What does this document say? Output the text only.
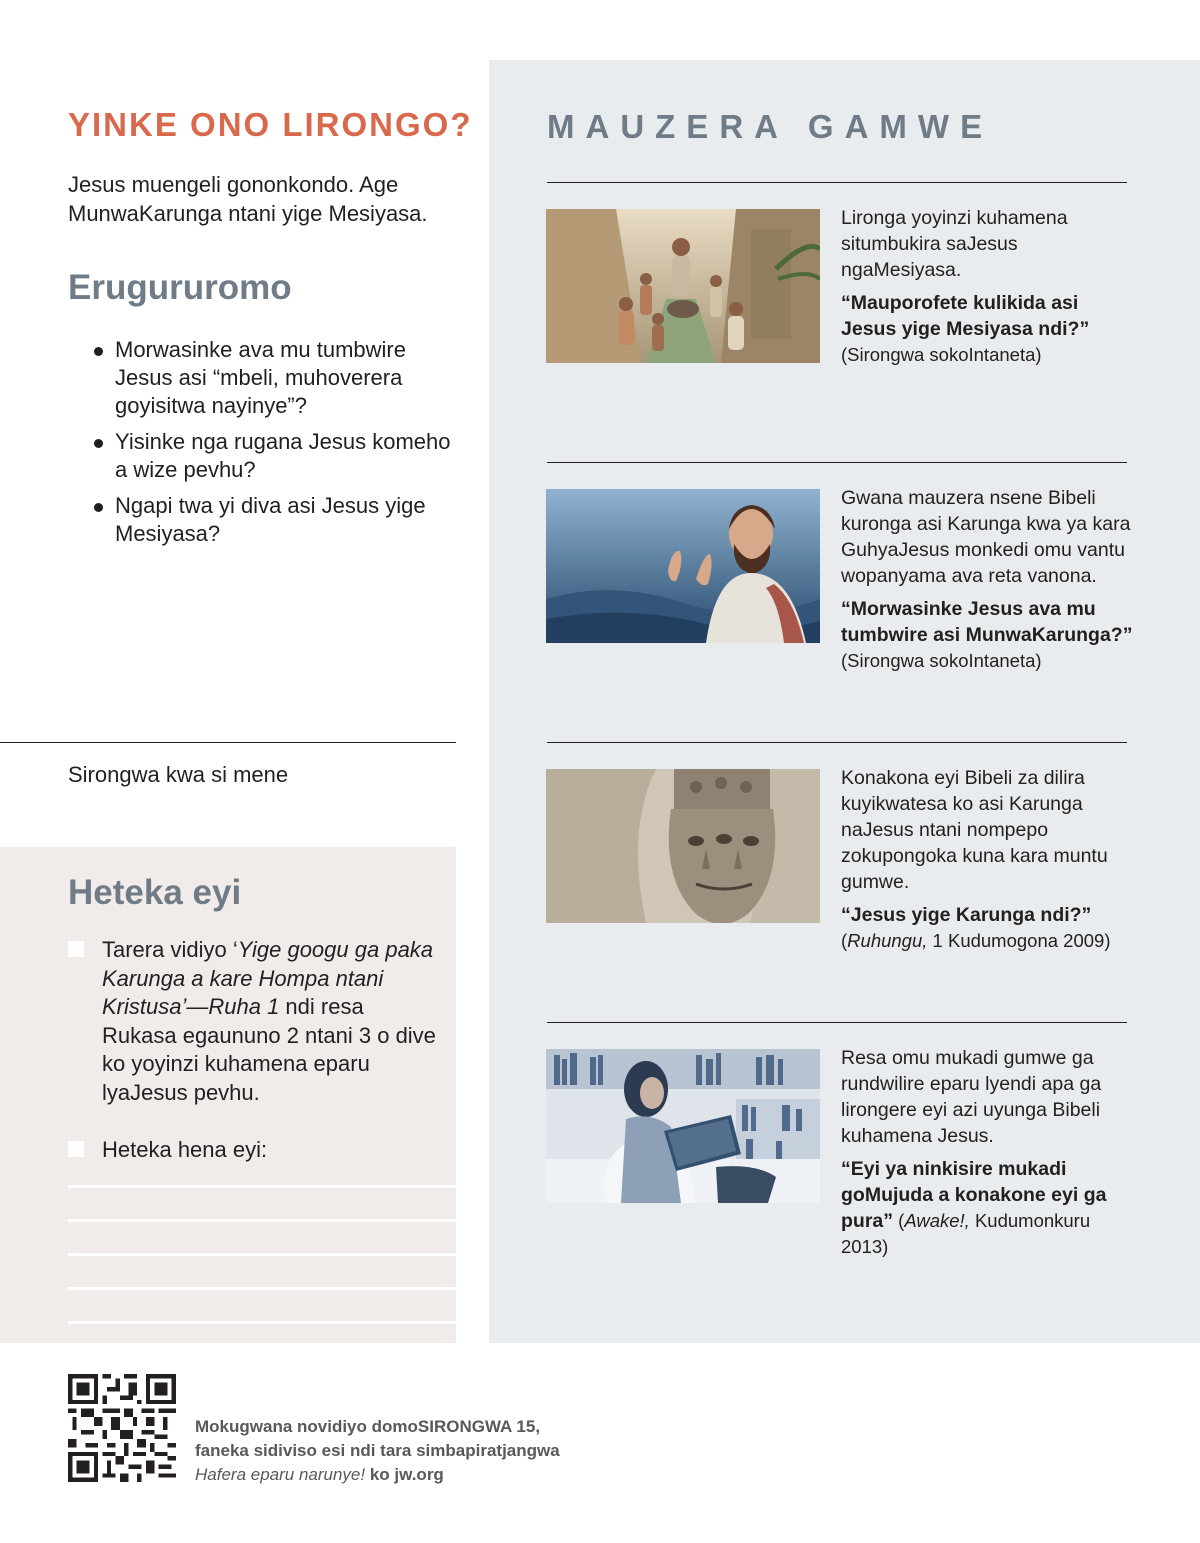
YINKE ONO LIRONGO?

Jesus muengeli gononkondo. Age MunwaKarunga ntani yige Mesiyasa.

Erugururomo
Morwasinke ava mu tumbwire Jesus asi “mbeli, muhoverera goyisitwa nayinye”?
Yisinke nga rugana Jesus komeho a wize pevhu?
Ngapi twa yi diva asi Jesus yige Mesiyasa?
Sirongwa kwa si mene
Heteka eyi
Tarera vidiyo ‘Yige googu ga paka Karunga a kare Hompa ntani Kristusa’—Ruha 1 ndi resa Rukasa egaununo 2 ntani 3 o dive ko yoyinzi kuhamena eparu lyaJesus pevhu.
Heteka hena eyi:
MAUZERA GAMWE
Lironga yoyinzi kuhamena situmbukira saJesus ngaMesiyasa.
“Mauporofete kulikida asi Jesus yige Mesiyasa ndi?”
(Sirongwa sokoIntaneta)
Gwana mauzera nsene Bibeli kuronga asi Karunga kwa ya kara GuhyaJesus monkedi omu vantu wopanyama ava reta vanona.
“Morwasinke Jesus ava mu tumbwire asi MunwaKarunga?”
(Sirongwa sokoIntaneta)
Konakona eyi Bibeli za dilira kuyikwatesa ko asi Karunga naJesus ntani nompepo zokupongoka kuna kara muntu gumwe.
“Jesus yige Karunga ndi?”
(Ruhungu, 1 Kudumogona 2009)
Resa omu mukadi gumwe ga rundwilire eparu lyendi apa ga lirongere eyi azi uyunga Bibeli kuhamena Jesus.
“Eyi ya ninkisire mukadi goMujuda a konakone eyi ga pura” (Awake!, Kudumonkuru 2013)
Mokugwana novidiyo domoSIRONGWA 15,
faneka sidiviso esi ndi tara simbapiratjangwa
Hafera eparu narunye! ko jw.org
